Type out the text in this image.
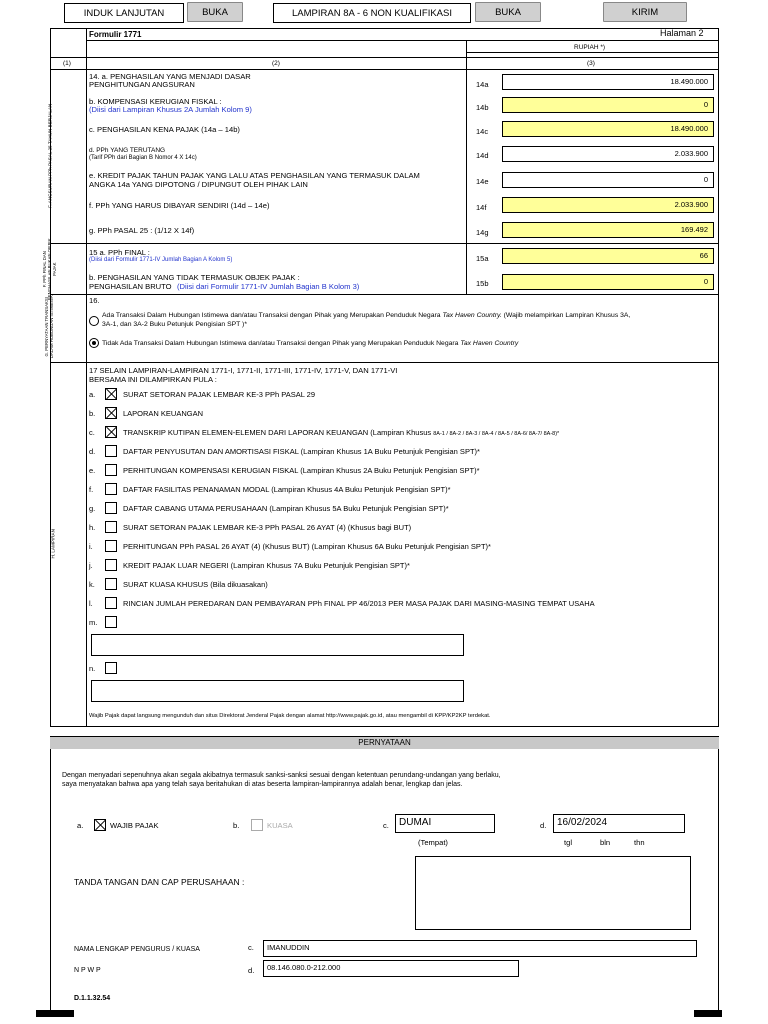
INDUK LANJUTAN	BUKA	LAMPIRAN 8A - 6 NON KUALIFIKASI	BUKA	KIRIM
Formulir 1771	Halaman 2
RUPIAH *)
(1)	(2)	(3)
F. ANGSURAN PPh PASAL 25 TAHUN BERJALAN
F. PPh FINAL DAN PENGHASILAN BUKAN OBJEK PAJAK
G. PERNYATAAN TRANSAKSI DALAM HUBUNGAN ISTIMEWA
H. LAMPIRAN
14. a. PENGHASILAN YANG MENJADI DASAR
PENGHITUNGAN ANGSURAN	14a	18.490.000
b. KOMPENSASI KERUGIAN FISKAL :
(Diisi dari Lampiran Khusus 2A Jumlah Kolom 9)	14b	0
c. PENGHASILAN KENA PAJAK (14a – 14b)	14c	18.490.000
d. PPh YANG TERUTANG
(Tarif PPh dari Bagian B Nomor 4 X 14c)	14d	2.033.900
e. KREDIT PAJAK TAHUN PAJAK YANG LALU ATAS PENGHASILAN YANG TERMASUK DALAM
ANGKA 14a YANG DIPOTONG / DIPUNGUT OLEH PIHAK LAIN	14e	0
f. PPh YANG HARUS DIBAYAR SENDIRI (14d – 14e)	14f	2.033.900
g. PPh PASAL 25 : (1/12 X 14f)	14g	169.492
15 a. PPh FINAL :
(Diisi dari Formulir 1771-IV Jumlah Bagian A Kolom 5)	15a	66
b. PENGHASILAN YANG TIDAK TERMASUK OBJEK PAJAK :
PENGHASILAN BRUTO (Diisi dari Formulir 1771-IV Jumlah Bagian B Kolom 3)	15b	0
16.
Ada Transaksi Dalam Hubungan Istimewa dan/atau Transaksi dengan Pihak yang Merupakan Penduduk Negara Tax Haven Country. (Wajib melampirkan Lampiran Khusus 3A,
3A-1, dan 3A-2 Buku Petunjuk Pengisian SPT )*
Tidak Ada Transaksi Dalam Hubungan Istimewa dan/atau Transaksi dengan Pihak yang Merupakan Penduduk Negara Tax Haven Country
17 SELAIN LAMPIRAN-LAMPIRAN 1771-I, 1771-II, 1771-III, 1771-IV, 1771-V, DAN 1771-VI
BERSAMA INI DILAMPIRKAN PULA :
a.	SURAT SETORAN PAJAK LEMBAR KE-3 PPh PASAL 29
b.	LAPORAN KEUANGAN
c.	TRANSKRIP KUTIPAN ELEMEN-ELEMEN DARI LAPORAN KEUANGAN (Lampiran Khusus 8A-1 / 8A-2 / 8A-3 / 8A-4 / 8A-5 / 8A-6/ 8A-7/ 8A-8)*
d.	DAFTAR PENYUSUTAN DAN AMORTISASI FISKAL (Lampiran Khusus 1A Buku Petunjuk Pengisian SPT)*
e.	PERHITUNGAN KOMPENSASI KERUGIAN FISKAL (Lampiran Khusus 2A Buku Petunjuk Pengisian SPT)*
f.	DAFTAR FASILITAS PENANAMAN MODAL (Lampiran Khusus 4A Buku Petunjuk Pengisian SPT)*
g.	DAFTAR CABANG UTAMA PERUSAHAAN (Lampiran Khusus 5A Buku Petunjuk Pengisian SPT)*
h.	SURAT SETORAN PAJAK LEMBAR KE-3 PPh PASAL 26 AYAT (4) (Khusus bagi BUT)
i.	PERHITUNGAN PPh PASAL 26 AYAT (4) (Khusus BUT) (Lampiran Khusus 6A Buku Petunjuk Pengisian SPT)*
j.	KREDIT PAJAK LUAR NEGERI (Lampiran Khusus 7A Buku Petunjuk Pengisian SPT)*
k.	SURAT KUASA KHUSUS (Bila dikuasakan)
l.	RINCIAN JUMLAH PEREDARAN DAN PEMBAYARAN PPh FINAL PP 46/2013 PER MASA PAJAK DARI MASING-MASING TEMPAT USAHA
m.
n.
Wajib Pajak dapat langsung mengunduh dan situs Direktorat Jenderal Pajak dengan alamat http://www.pajak.go.id, atau mengambil di KPP/KP2KP terdekat.
PERNYATAAN
Dengan menyadari sepenuhnya akan segala akibatnya termasuk sanksi-sanksi sesuai dengan ketentuan perundang-undangan yang berlaku,
saya menyatakan bahwa apa yang telah saya beritahukan di atas beserta lampiran-lampirannya adalah benar, lengkap dan jelas.
a.	WAJIB PAJAK	b.	KUASA	c.	DUMAI	d.	16/02/2024
(Tempat)	tgl	bln	thn
TANDA TANGAN DAN CAP PERUSAHAAN :
NAMA LENGKAP PENGURUS / KUASA	c.	IMANUDDIN
N P W P	d.	08.146.080.0-212.000
D.1.1.32.54
